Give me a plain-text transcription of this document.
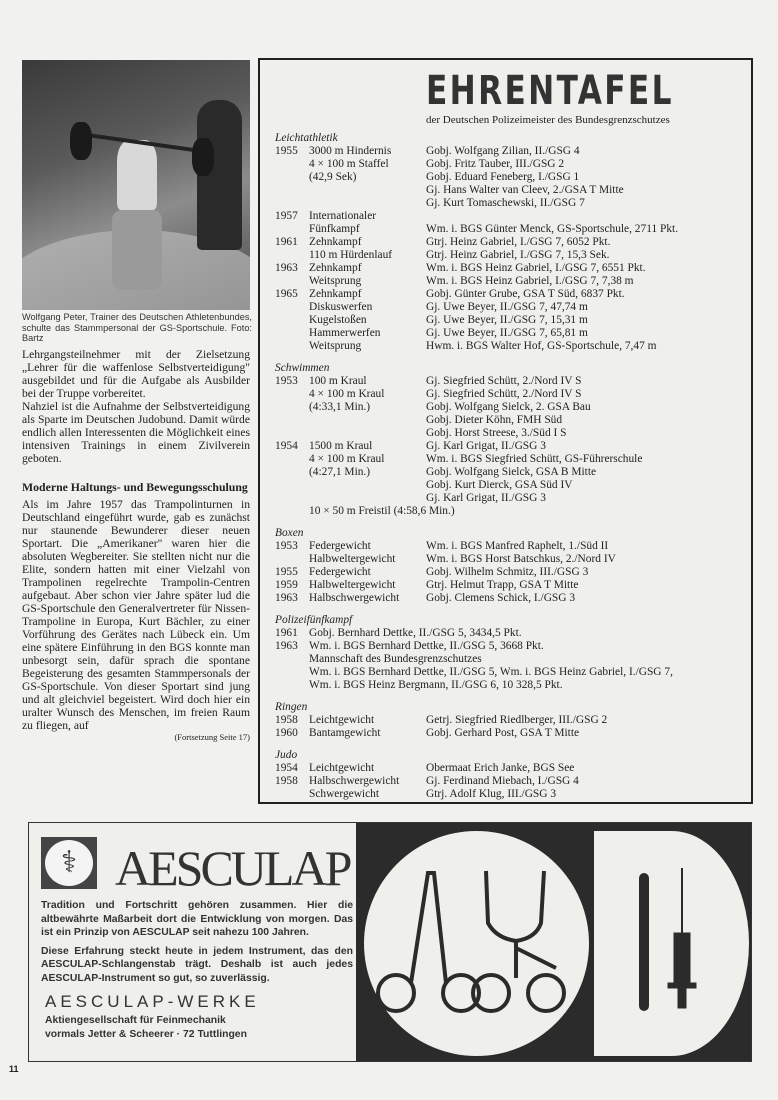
Wolfgang Peter, Trainer des Deutschen Athletenbundes, schulte das Stammpersonal der GS-Sportschule. Foto: Bartz

Lehrgangsteilnehmer mit der Zielsetzung „Lehrer für die waffenlose Selbstverteidigung" ausgebildet und für die Aufgabe als Ausbilder bei der Truppe vorbereitet.

Nahziel ist die Aufnahme der Selbstverteidigung als Sparte im Deutschen Judobund. Damit würde endlich allen Interessenten die Möglichkeit eines intensiven Trainings in einem Zivilverein geboten.

Moderne Haltungs- und Bewegungsschulung

Als im Jahre 1957 das Trampolinturnen in Deutschland eingeführt wurde, gab es zunächst nur staunende Bewunderer dieser neuen Sportart. Die „Amerikaner" waren hier die absoluten Wegbereiter. Sie stellten nicht nur die Elite, sondern hatten mit einer Vielzahl von Trampolinen regelrechte Trampolin-Centren aufgebaut. Aber schon vier Jahre später lud die GS-Sportschule den Generalvertreter für Nissen-Trampoline in Europa, Kurt Bächler, zu einer Vorführung des Gerätes nach Lübeck ein. Um eine spätere Einführung in den BGS konnte man unbesorgt sein, dafür sprach die spontane Begeisterung des gesamten Stammpersonals der GS-Sportschule. Von dieser Sportart sind jung und alt gleichviel begeistert. Wird doch hier ein uralter Wunsch des Menschen, im freien Raum zu fliegen, auf

(Fortsetzung Seite 17)
EHRENTAFEL
der Deutschen Polizeimeister des Bundesgrenzschutzes
Leichtathletik
1955 3000 m Hindernis	Gobj. Wolfgang Zilian, II./GSG 4
4 × 100 m Staffel	Gobj. Fritz Tauber, III./GSG 2
(42,9 Sek)	Gobj. Eduard Feneberg, I./GSG 1
Gj. Hans Walter van Cleev, 2./GSA T Mitte
Gj. Kurt Tomaschewski, II./GSG 7
1957 Internationaler
Fünfkampf	Wm. i. BGS Günter Menck, GS-Sportschule, 2711 Pkt.
1961 Zehnkampf	Gtrj. Heinz Gabriel, I./GSG 7, 6052 Pkt.
110 m Hürdenlauf	Gtrj. Heinz Gabriel, I./GSG 7, 15,3 Sek.
1963 Zehnkampf	Wm. i. BGS Heinz Gabriel, I./GSG 7, 6551 Pkt.
Weitsprung	Wm. i. BGS Heinz Gabriel, I./GSG 7, 7,38 m
1965 Zehnkampf	Gobj. Günter Grube, GSA T Süd, 6837 Pkt.
Diskuswerfen	Gj. Uwe Beyer, II./GSG 7, 47,74 m
Kugelstoßen	Gj. Uwe Beyer, II./GSG 7, 15,31 m
Hammerwerfen	Gj. Uwe Beyer, II./GSG 7, 65,81 m
Weitsprung	Hwm. i. BGS Walter Hof, GS-Sportschule, 7,47 m
Schwimmen
1953 100 m Kraul	Gj. Siegfried Schütt, 2./Nord IV S
4 × 100 m Kraul	Gj. Siegfried Schütt, 2./Nord IV S
(4:33,1 Min.)	Gobj. Wolfgang Sielck, 2. GSA Bau
Gobj. Dieter Köhn, FMH Süd
Gobj. Horst Streese, 3./Süd I S
1954 1500 m Kraul	Gj. Karl Grigat, II./GSG 3
4 × 100 m Kraul	Wm. i. BGS Siegfried Schütt, GS-Führerschule
(4:27,1 Min.)	Gobj. Wolfgang Sielck, GSA B Mitte
Gobj. Kurt Dierck, GSA Süd IV
Gj. Karl Grigat, II./GSG 3
10 × 50 m Freistil (4:58,6 Min.)
Boxen
1953 Federgewicht	Wm. i. BGS Manfred Raphelt, 1./Süd II
Halbweltergewicht	Wm. i. BGS Horst Batschkus, 2./Nord IV
1955 Federgewicht	Gobj. Wilhelm Schmitz, III./GSG 3
1959 Halbweltergewicht	Gtrj. Helmut Trapp, GSA T Mitte
1963 Halbschwergewicht	Gobj. Clemens Schick, I./GSG 3
Polizeifünfkampf
1961 Gobj. Bernhard Dettke, II./GSG 5, 3434,5 Pkt.
1963 Wm. i. BGS Bernhard Dettke, II./GSG 5, 3668 Pkt.
Mannschaft des Bundesgrenzschutzes
Wm. i. BGS Bernhard Dettke, II./GSG 5, Wm. i. BGS Heinz Gabriel, I./GSG 7,
Wm. i. BGS Heinz Bergmann, II./GSG 6, 10 328,5 Pkt.
Ringen
1958 Leichtgewicht	Getrj. Siegfried Riedlberger, III./GSG 2
1960 Bantamgewicht	Gobj. Gerhard Post, GSA T Mitte
Judo
1954 Leichtgewicht	Obermaat Erich Janke, BGS See
1958 Halbschwergewicht	Gj. Ferdinand Miebach, I./GSG 4
Schwergewicht	Gtrj. Adolf Klug, III./GSG 3
⚕ AESCULAP

Tradition und Fortschritt gehören zusammen. Hier die altbewährte Maßarbeit dort die Entwicklung von morgen. Das ist ein Prinzip von AESCULAP seit nahezu 100 Jahren.

Diese Erfahrung steckt heute in jedem Instrument, das den AESCULAP-Schlangenstab trägt. Deshalb ist auch jedes AESCULAP-Instrument so gut, so zuverlässig.

AESCULAP-WERKE
Aktiengesellschaft für Feinmechanik
vormals Jetter & Scheerer · 72 Tuttlingen
11
